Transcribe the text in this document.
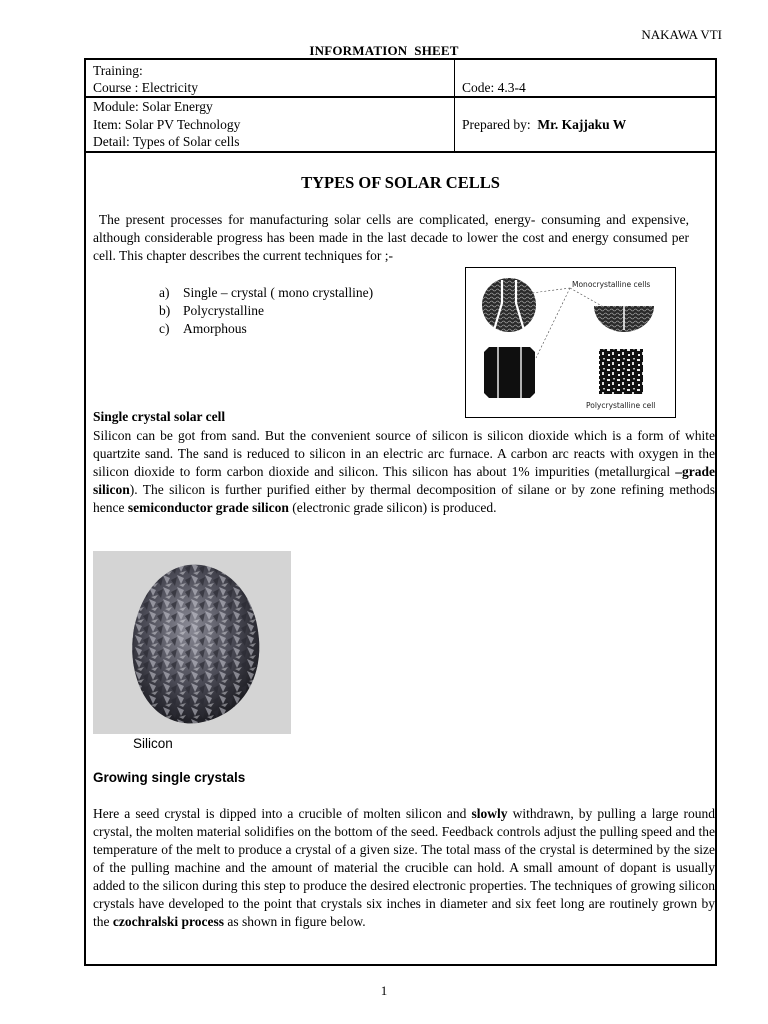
NAKAWA VTI
INFORMATION  SHEET
Training:
Course : Electricity	Code: 4.3-4
Module: Solar Energy
Item: Solar PV Technology
Detail: Types of Solar cells
Prepared by: Mr. Kajjaku W
TYPES OF SOLAR CELLS
The present processes for manufacturing solar cells are complicated, energy- consuming and expensive, although considerable progress has been made in the last decade to lower the cost and energy consumed per cell. This chapter describes the current techniques for ;-
a) Single – crystal ( mono crystalline)
b) Polycrystalline
c) Amorphous
Monocrystalline cells
Polycrystalline cell
Single crystal solar cell
Silicon can be got from sand. But the convenient source of silicon is silicon dioxide which is a form of white quartzite sand. The sand is reduced to silicon in an electric arc furnace. A carbon arc reacts with oxygen in the silicon dioxide to form carbon dioxide and silicon. This silicon has about 1% impurities (metallurgical –grade silicon). The silicon is further purified either by thermal decomposition of silane or by zone refining methods hence semiconductor grade silicon (electronic grade silicon) is produced.
Silicon
Growing single crystals
Here a seed crystal is dipped into a crucible of molten silicon and slowly withdrawn, by pulling a large round crystal, the molten material solidifies on the bottom of the seed. Feedback controls adjust the pulling speed and the temperature of the melt to produce a crystal of a given size. The total mass of the crystal is determined by the size of the pulling machine and the amount of material the crucible can hold. A small amount of dopant is usually added to the silicon during this step to produce the desired electronic properties. The techniques of growing silicon crystals have developed to the point that crystals six inches in diameter and six feet long are routinely grown by the czochralski process as shown in figure below.
1
